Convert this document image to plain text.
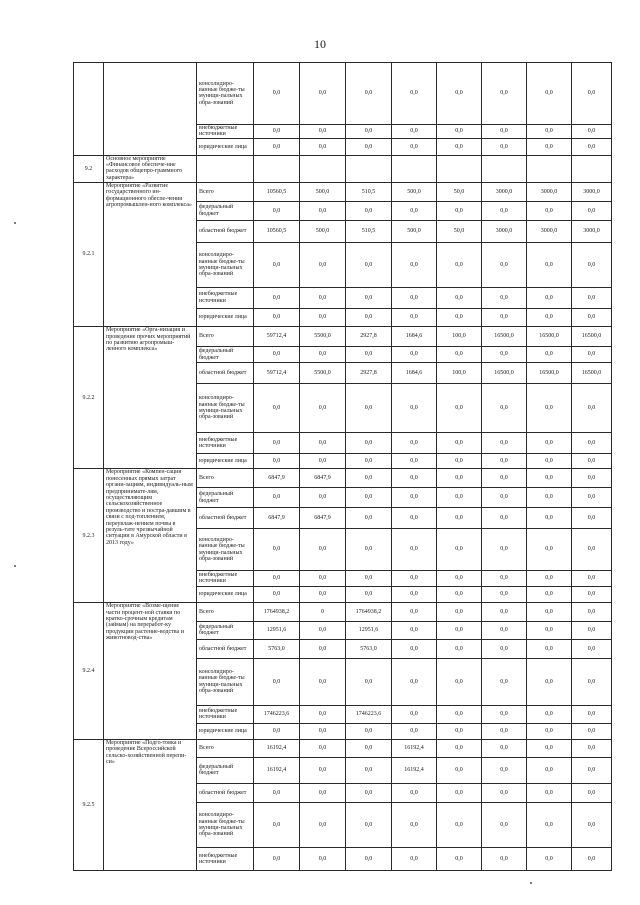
10
		консолидиро-ванные бюдже-ты муници-пальных обра-зований	0,0	0,0	0,0	0,0	0,0	0,0	0,0	0,0
		внебюджетные источники	0,0	0,0	0,0	0,0	0,0	0,0	0,0	0,0
		юридические лица	0,0	0,0	0,0	0,0	0,0	0,0	0,0	0,0
9.2	Основное мероприятие «Финансовое обеспече-ние расходов общепро-граммного характера»									
9.2.1	Мероприятие «Развитие государственного ин-формационного обеспе-чения агропромышлен-ного комплекса»	Всего	10560,5	500,0	510,5	500,0	50,0	3000,0	3000,0	3000,0
		федеральный бюджет	0,0	0,0	0,0	0,0	0,0	0,0	0,0	0,0
		областной бюджет	10560,5	500,0	510,5	500,0	50,0	3000,0	3000,0	3000,0
		консолидиро-ванные бюдже-ты муници-пальных обра-зований	0,0	0,0	0,0	0,0	0,0	0,0	0,0	0,0
		внебюджетные источники	0,0	0,0	0,0	0,0	0,0	0,0	0,0	0,0
		юридические лица	0,0	0,0	0,0	0,0	0,0	0,0	0,0	0,0
9.2.2	Мероприятие «Орга-низация и проведение прочих мероприятий по развитию агропромыш-ленного комплекса»	Всего	59712,4	5500,0	2927,8	1684,6	100,0	16500,0	16500,0	16500,0
		федеральный бюджет	0,0	0,0	0,0	0,0	0,0	0,0	0,0	0,0
		областной бюджет	59712,4	5500,0	2927,8	1684,6	100,0	16500,0	16500,0	16500,0
		консолидиро-ванные бюдже-ты муници-пальных обра-зований	0,0	0,0	0,0	0,0	0,0	0,0	0,0	0,0
		внебюджетные источники	0,0	0,0	0,0	0,0	0,0	0,0	0,0	0,0
		юридические лица	0,0	0,0	0,0	0,0	0,0	0,0	0,0	0,0
9.2.3	Мероприятие «Компен-сация понесенных прямых затрат органи-зациям, индивидуаль-ным предпринимате-лям, осуществляющим сельскохозяйственное производство и постра-давшим в связи с под-топлением, переувлаж-нением почвы в резуль-тате чрезвычайной ситуации в Амурской области в 2013 году»	Всего	6847,9	6847,9	0,0	0,0	0,0	0,0	0,0	0,0
		федеральный бюджет	0,0	0,0	0,0	0,0	0,0	0,0	0,0	0,0
		областной бюджет	6847,9	6847,9	0,0	0,0	0,0	0,0	0,0	0,0
		консолидиро-ванные бюдже-ты муници-пальных обра-зований	0,0	0,0	0,0	0,0	0,0	0,0	0,0	0,0
		внебюджетные источники	0,0	0,0	0,0	0,0	0,0	0,0	0,0	0,0
		юридические лица	0,0	0,0	0,0	0,0	0,0	0,0	0,0	0,0
9.2.4	Мероприятие «Возме-щение части процент-ной ставки по кратко-срочным кредитам (займам) на переработ-ку продукции растение-водства и животновод-ства»	Всего	1764938,2	0	1764938,2	0,0	0,0	0,0	0,0	0,0
		федеральный бюджет	12951,6	0,0	12951,6	0,0	0,0	0,0	0,0	0,0
		областной бюджет	5763,0	0,0	5763,0	0,0	0,0	0,0	0,0	0,0
		консолидиро-ванные бюдже-ты муници-пальных обра-зований	0,0	0,0	0,0	0,0	0,0	0,0	0,0	0,0
		внебюджетные источники	1746223,6	0,0	1746223,6	0,0	0,0	0,0	0,0	0,0
		юридические лица	0,0	0,0	0,0	0,0	0,0	0,0	0,0	0,0
9.2.5	Мероприятие «Подго-товка и проведение Всероссийской сельско-хозяйственной перепи-си»	Всего	16192,4	0,0	0,0	16192,4	0,0	0,0	0,0	0,0
		федеральный бюджет	16192,4	0,0	0,0	16192,4	0,0	0,0	0,0	0,0
		областной бюджет	0,0	0,0	0,0	0,0	0,0	0,0	0,0	0,0
		консолидиро-ванные бюдже-ты муници-пальных обра-зований	0,0	0,0	0,0	0,0	0,0	0,0	0,0	0,0
		внебюджетные источники	0,0	0,0	0,0	0,0	0,0	0,0	0,0	0,0
